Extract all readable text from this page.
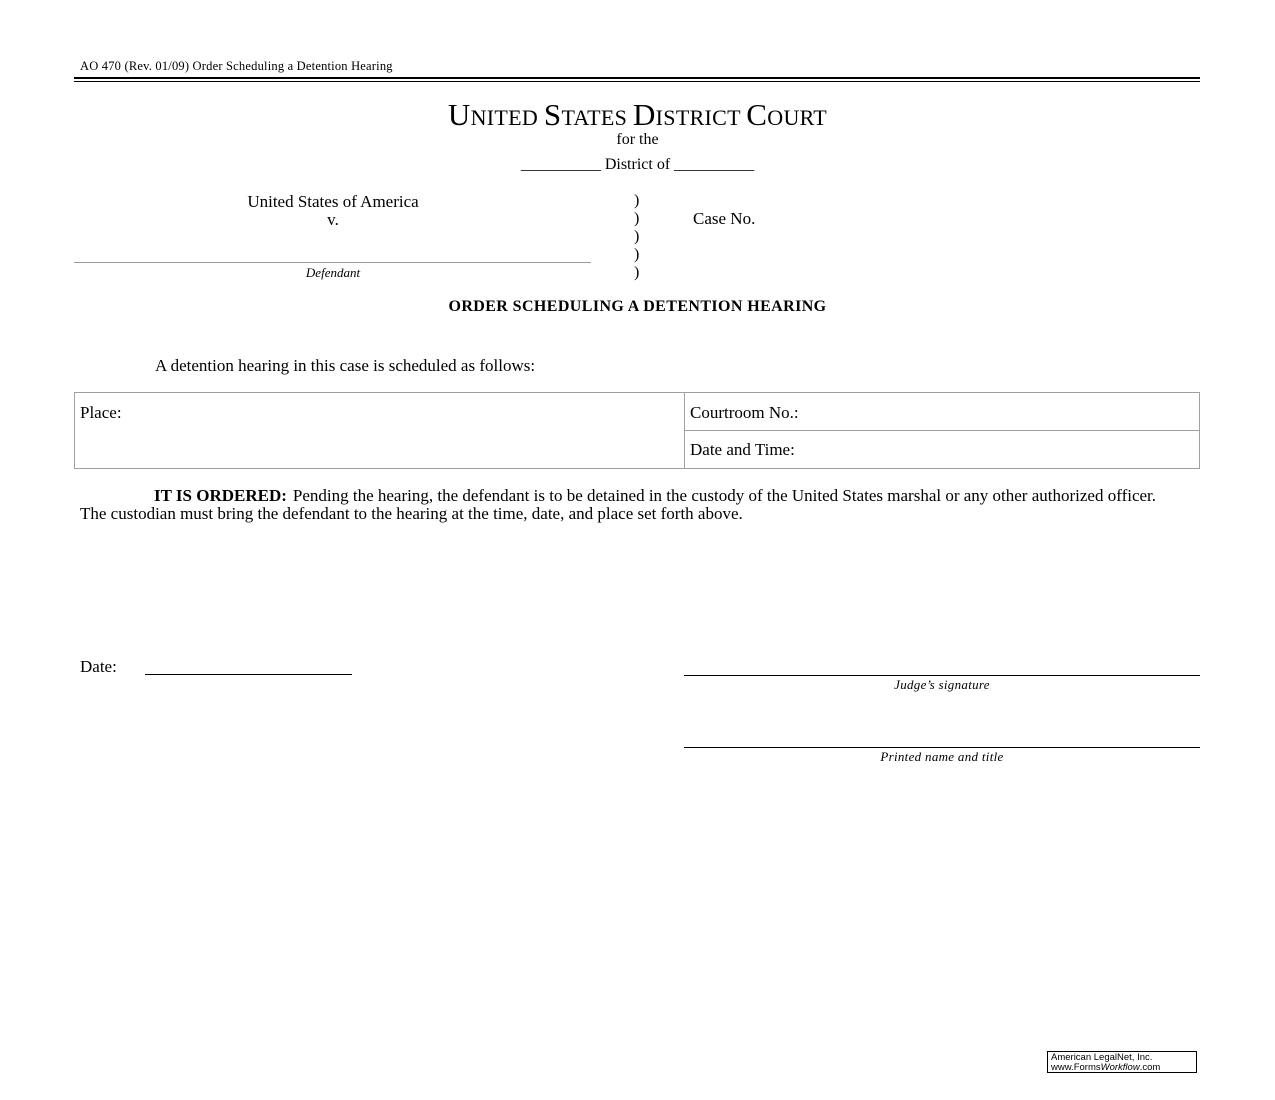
AO 470 (Rev. 01/09) Order Scheduling a Detention Hearing
UNITED STATES DISTRICT COURT
for the
__________ District of __________
United States of America
v.
Defendant
)
)
)
)
)
Case No.
ORDER SCHEDULING A DETENTION HEARING
A detention hearing in this case is scheduled as follows:
Place:	Courtroom No.:
Date and Time:
IT IS ORDERED: Pending the hearing, the defendant is to be detained in the custody of the United States marshal or any other authorized officer. The custodian must bring the defendant to the hearing at the time, date, and place set forth above.
Date:
Judge’s signature
Printed name and title
American LegalNet, Inc.
www.FormsWorkflow.com
